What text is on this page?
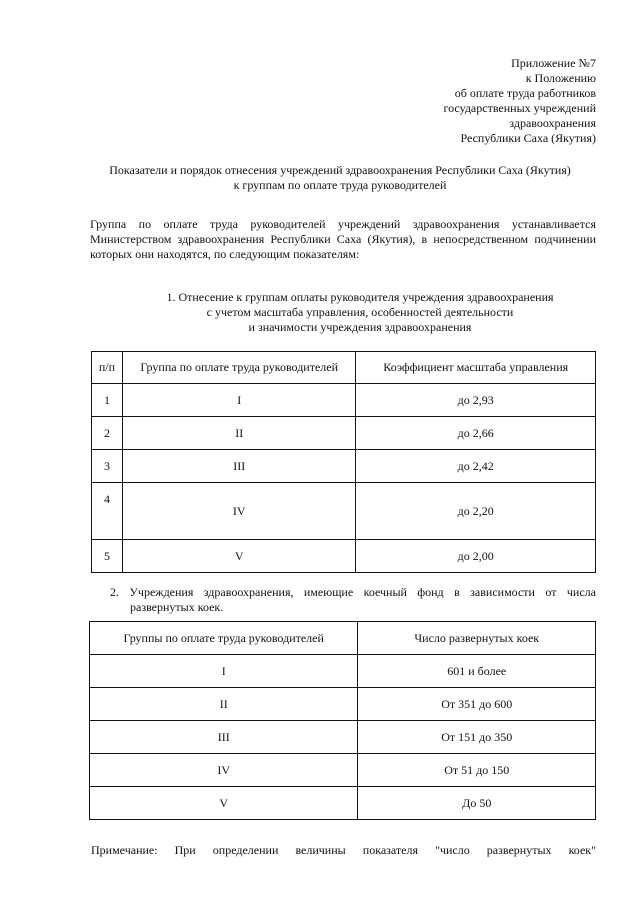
Приложение №7
к Положению
об оплате труда работников
государственных учреждений
здравоохранения
Республики Саха (Якутия)
Показатели и порядок отнесения учреждений здравоохранения Республики Саха (Якутия)
к группам по оплате труда руководителей
Группа по оплате труда руководителей учреждений здравоохранения устанавливается Министерством здравоохранения Республики Саха (Якутия), в непосредственном подчинении которых они находятся, по следующим показателям:
1. Отнесение к группам оплаты руководителя учреждения здравоохранения
с учетом масштаба управления, особенностей деятельности
и значимости учреждения здравоохранения
п/п	Группа по оплате труда руководителей	Коэффициент масштаба управления
1	I	до 2,93
2	II	до 2,66
3	III	до 2,42
4	IV	до 2,20
5	V	до 2,00
2. Учреждения здравоохранения, имеющие коечный фонд в зависимости от числа
развернутых коек.
Группы по оплате труда руководителей	Число развернутых коек
I	601 и более
II	От 351 до 600
III	От 151 до 350
IV	От 51 до 150
V	До 50
Примечание: При определении величины показателя "число развернутых коек"
